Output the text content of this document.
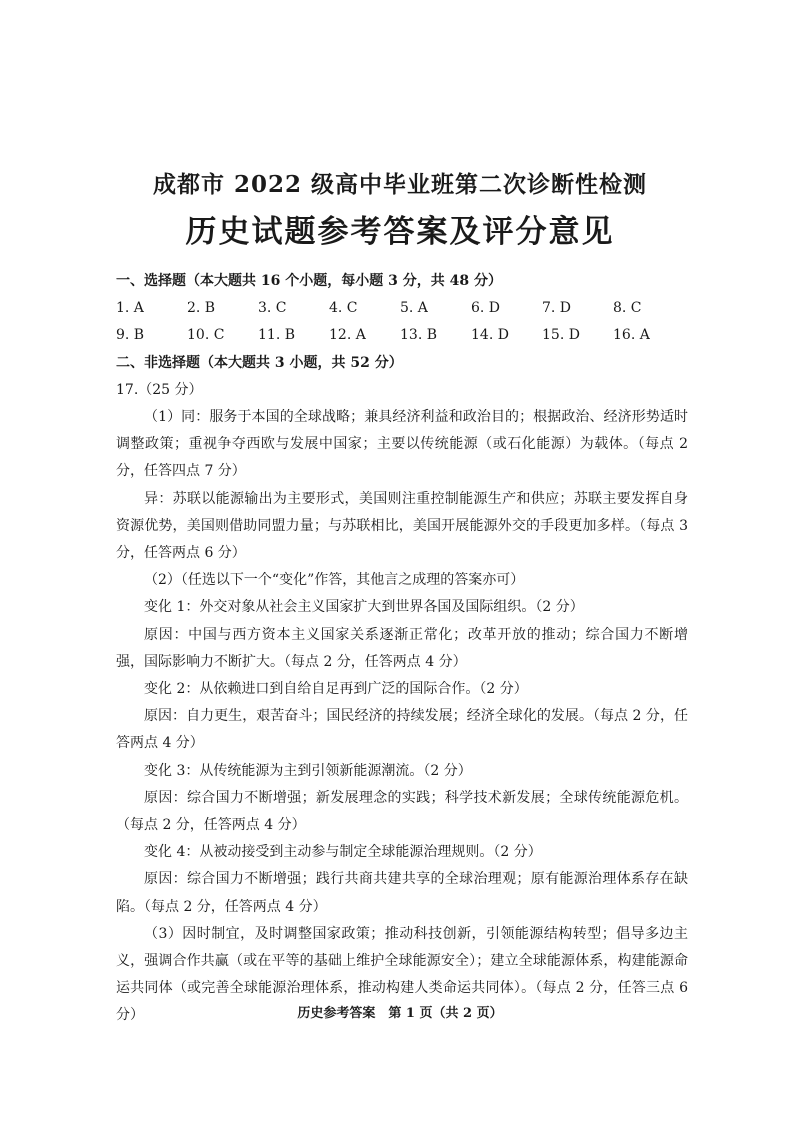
成都市 2022 级高中毕业班第二次诊断性检测
历史试题参考答案及评分意见
一、选择题（本大题共 16 个小题，每小题 3 分，共 48 分）
1. A	2. B	3. C	4. C	5. A	6. D	7. D	8. C
9. B	10. C	11. B	12. A	13. B	14. D	15. D	16. A
二、非选择题（本大题共 3 小题，共 52 分）
17.（25 分）
（1）同：服务于本国的全球战略；兼具经济利益和政治目的；根据政治、经济形势适时调整政策；重视争夺西欧与发展中国家；主要以传统能源（或石化能源）为载体。（每点 2 分，任答四点 7 分）
异：苏联以能源输出为主要形式，美国则注重控制能源生产和供应；苏联主要发挥自身资源优势，美国则借助同盟力量；与苏联相比，美国开展能源外交的手段更加多样。（每点 3 分，任答两点 6 分）
（2）（任选以下一个“变化”作答，其他言之成理的答案亦可）
变化 1：外交对象从社会主义国家扩大到世界各国及国际组织。（2 分）
原因：中国与西方资本主义国家关系逐渐正常化；改革开放的推动；综合国力不断增强，国际影响力不断扩大。（每点 2 分，任答两点 4 分）
变化 2：从依赖进口到自给自足再到广泛的国际合作。（2 分）
原因：自力更生，艰苦奋斗；国民经济的持续发展；经济全球化的发展。（每点 2 分，任答两点 4 分）
变化 3：从传统能源为主到引领新能源潮流。（2 分）
原因：综合国力不断增强；新发展理念的实践；科学技术新发展；全球传统能源危机。（每点 2 分，任答两点 4 分）
变化 4：从被动接受到主动参与制定全球能源治理规则。（2 分）
原因：综合国力不断增强；践行共商共建共享的全球治理观；原有能源治理体系存在缺陷。（每点 2 分，任答两点 4 分）
（3）因时制宜，及时调整国家政策；推动科技创新，引领能源结构转型；倡导多边主义，强调合作共赢（或在平等的基础上维护全球能源安全）；建立全球能源体系，构建能源命运共同体（或完善全球能源治理体系，推动构建人类命运共同体）。（每点 2 分，任答三点 6 分）	历史参考答案　第 1 页（共 2 页）
